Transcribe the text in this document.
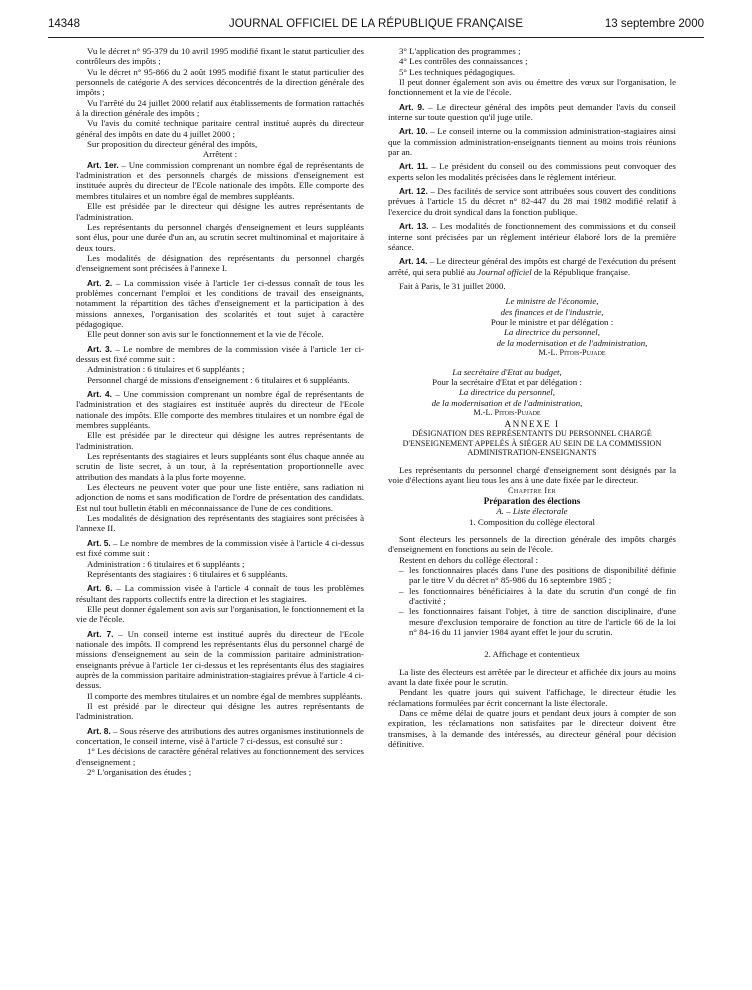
14348	JOURNAL OFFICIEL DE LA RÉPUBLIQUE FRANÇAISE	13 septembre 2000

Vu le décret n° 95-379 du 10 avril 1995 modifié fixant le statut particulier des contrôleurs des impôts ;

Vu le décret n° 95-866 du 2 août 1995 modifié fixant le statut particulier des personnels de catégorie A des services déconcentrés de la direction générale des impôts ;

Vu l'arrêté du 24 juillet 2000 relatif aux établissements de formation rattachés à la direction générale des impôts ;

Vu l'avis du comité technique paritaire central institué auprès du directeur général des impôts en date du 4 juillet 2000 ;

Sur proposition du directeur général des impôts,

Arrêtent :

Art. 1er. – Une commission comprenant un nombre égal de représentants de l'administration et des personnels chargés de missions d'enseignement est instituée auprès du directeur de l'Ecole nationale des impôts. Elle comporte des membres titulaires et un nombre égal de membres suppléants.

Elle est présidée par le directeur qui désigne les autres représentants de l'administration.

Les représentants du personnel chargés d'enseignement et leurs suppléants sont élus, pour une durée d'un an, au scrutin secret multinominal et majoritaire à deux tours.

Les modalités de désignation des représentants du personnel chargés d'enseignement sont précisées à l'annexe I.

Art. 2. – La commission visée à l'article 1er ci-dessus connaît de tous les problèmes concernant l'emploi et les conditions de travail des enseignants, notamment la répartition des tâches d'enseignement et la participation à des missions annexes, l'organisation des scolarités et tout sujet à caractère pédagogique.

Elle peut donner son avis sur le fonctionnement et la vie de l'école.

Art. 3. – Le nombre de membres de la commission visée à l'article 1er ci-dessus est fixé comme suit :

Administration : 6 titulaires et 6 suppléants ;

Personnel chargé de missions d'enseignement : 6 titulaires et 6 suppléants.

Art. 4. – Une commission comprenant un nombre égal de représentants de l'administration et des stagiaires est instituée auprès du directeur de l'Ecole nationale des impôts. Elle comporte des membres titulaires et un nombre égal de membres suppléants.

Elle est présidée par le directeur qui désigne les autres représentants de l'administration.

Les représentants des stagiaires et leurs suppléants sont élus chaque année au scrutin de liste secret, à un tour, à la représentation proportionnelle avec attribution des mandats à la plus forte moyenne.

Les électeurs ne peuvent voter que pour une liste entière, sans radiation ni adjonction de noms et sans modification de l'ordre de présentation des candidats. Est nul tout bulletin établi en méconnaissance de l'une de ces conditions.

Les modalités de désignation des représentants des stagiaires sont précisées à l'annexe II.

Art. 5. – Le nombre de membres de la commission visée à l'article 4 ci-dessus est fixé comme suit :

Administration : 6 titulaires et 6 suppléants ;

Représentants des stagiaires : 6 titulaires et 6 suppléants.

Art. 6. – La commission visée à l'article 4 connaît de tous les problèmes résultant des rapports collectifs entre la direction et les stagiaires.

Elle peut donner également son avis sur l'organisation, le fonctionnement et la vie de l'école.

Art. 7. – Un conseil interne est institué auprès du directeur de l'Ecole nationale des impôts. Il comprend les représentants élus du personnel chargé de missions d'enseignement au sein de la commission paritaire administration-enseignants prévue à l'article 1er ci-dessus et les représentants élus des stagiaires auprès de la commission paritaire administration-stagiaires prévue à l'article 4 ci-dessus.

Il comporte des membres titulaires et un nombre égal de membres suppléants.

Il est présidé par le directeur qui désigne les autres représentants de l'administration.

Art. 8. – Sous réserve des attributions des autres organismes institutionnels de concertation, le conseil interne, visé à l'article 7 ci-dessus, est consulté sur :

1° Les décisions de caractère général relatives au fonctionnement des services d'enseignement ;

2° L'organisation des études ;

3° L'application des programmes ;

4° Les contrôles des connaissances ;

5° Les techniques pédagogiques.

Il peut donner également son avis ou émettre des vœux sur l'organisation, le fonctionnement et la vie de l'école.

Art. 9. – Le directeur général des impôts peut demander l'avis du conseil interne sur toute question qu'il juge utile.

Art. 10. – Le conseil interne ou la commission administration-stagiaires ainsi que la commission administration-enseignants tiennent au moins trois réunions par an.

Art. 11. – Le président du conseil ou des commissions peut convoquer des experts selon les modalités précisées dans le règlement intérieur.

Art. 12. – Des facilités de service sont attribuées sous couvert des conditions prévues à l'article 15 du décret n° 82-447 du 28 mai 1982 modifié relatif à l'exercice du droit syndical dans la fonction publique.

Art. 13. – Les modalités de fonctionnement des commissions et du conseil interne sont précisées par un règlement intérieur élaboré lors de la première séance.

Art. 14. – Le directeur général des impôts est chargé de l'exécution du présent arrêté, qui sera publié au Journal officiel de la République française.

Fait à Paris, le 31 juillet 2000.

Le ministre de l'économie,
des finances et de l'industrie,
Pour le ministre et par délégation :
La directrice du personnel,
de la modernisation et de l'administration,
M.-L. Pitois-Pujade
La secrétaire d'Etat au budget,
Pour la secrétaire d'Etat et par délégation :
La directrice du personnel,
de la modernisation et de l'administration,
M.-L. Pitois-Pujade

ANNEXE I

DÉSIGNATION DES REPRÉSENTANTS DU PERSONNEL CHARGÉ D'ENSEIGNEMENT APPELÉS À SIÉGER AU SEIN DE LA COMMISSION ADMINISTRATION-ENSEIGNANTS

Les représentants du personnel chargé d'enseignement sont désignés par la voie d'élections ayant lieu tous les ans à une date fixée par le directeur.

Chapitre Ier

Préparation des élections

A. – Liste électorale

1. Composition du collège électoral

Sont électeurs les personnels de la direction générale des impôts chargés d'enseignement en fonctions au sein de l'école.

Restent en dehors du collège électoral :

– les fonctionnaires placés dans l'une des positions de disponibilité définie par le titre V du décret n° 85-986 du 16 septembre 1985 ;

– les fonctionnaires bénéficiaires à la date du scrutin d'un congé de fin d'activité ;

– les fonctionnaires faisant l'objet, à titre de sanction disciplinaire, d'une mesure d'exclusion temporaire de fonction au titre de l'article 66 de la loi n° 84-16 du 11 janvier 1984 ayant effet le jour du scrutin.

2. Affichage et contentieux

La liste des électeurs est arrêtée par le directeur et affichée dix jours au moins avant la date fixée pour le scrutin.

Pendant les quatre jours qui suivent l'affichage, le directeur étudie les réclamations formulées par écrit concernant la liste électorale.

Dans ce même délai de quatre jours et pendant deux jours à compter de son expiration, les réclamations non satisfaites par le directeur doivent être transmises, à la demande des intéressés, au directeur général pour décision définitive.
